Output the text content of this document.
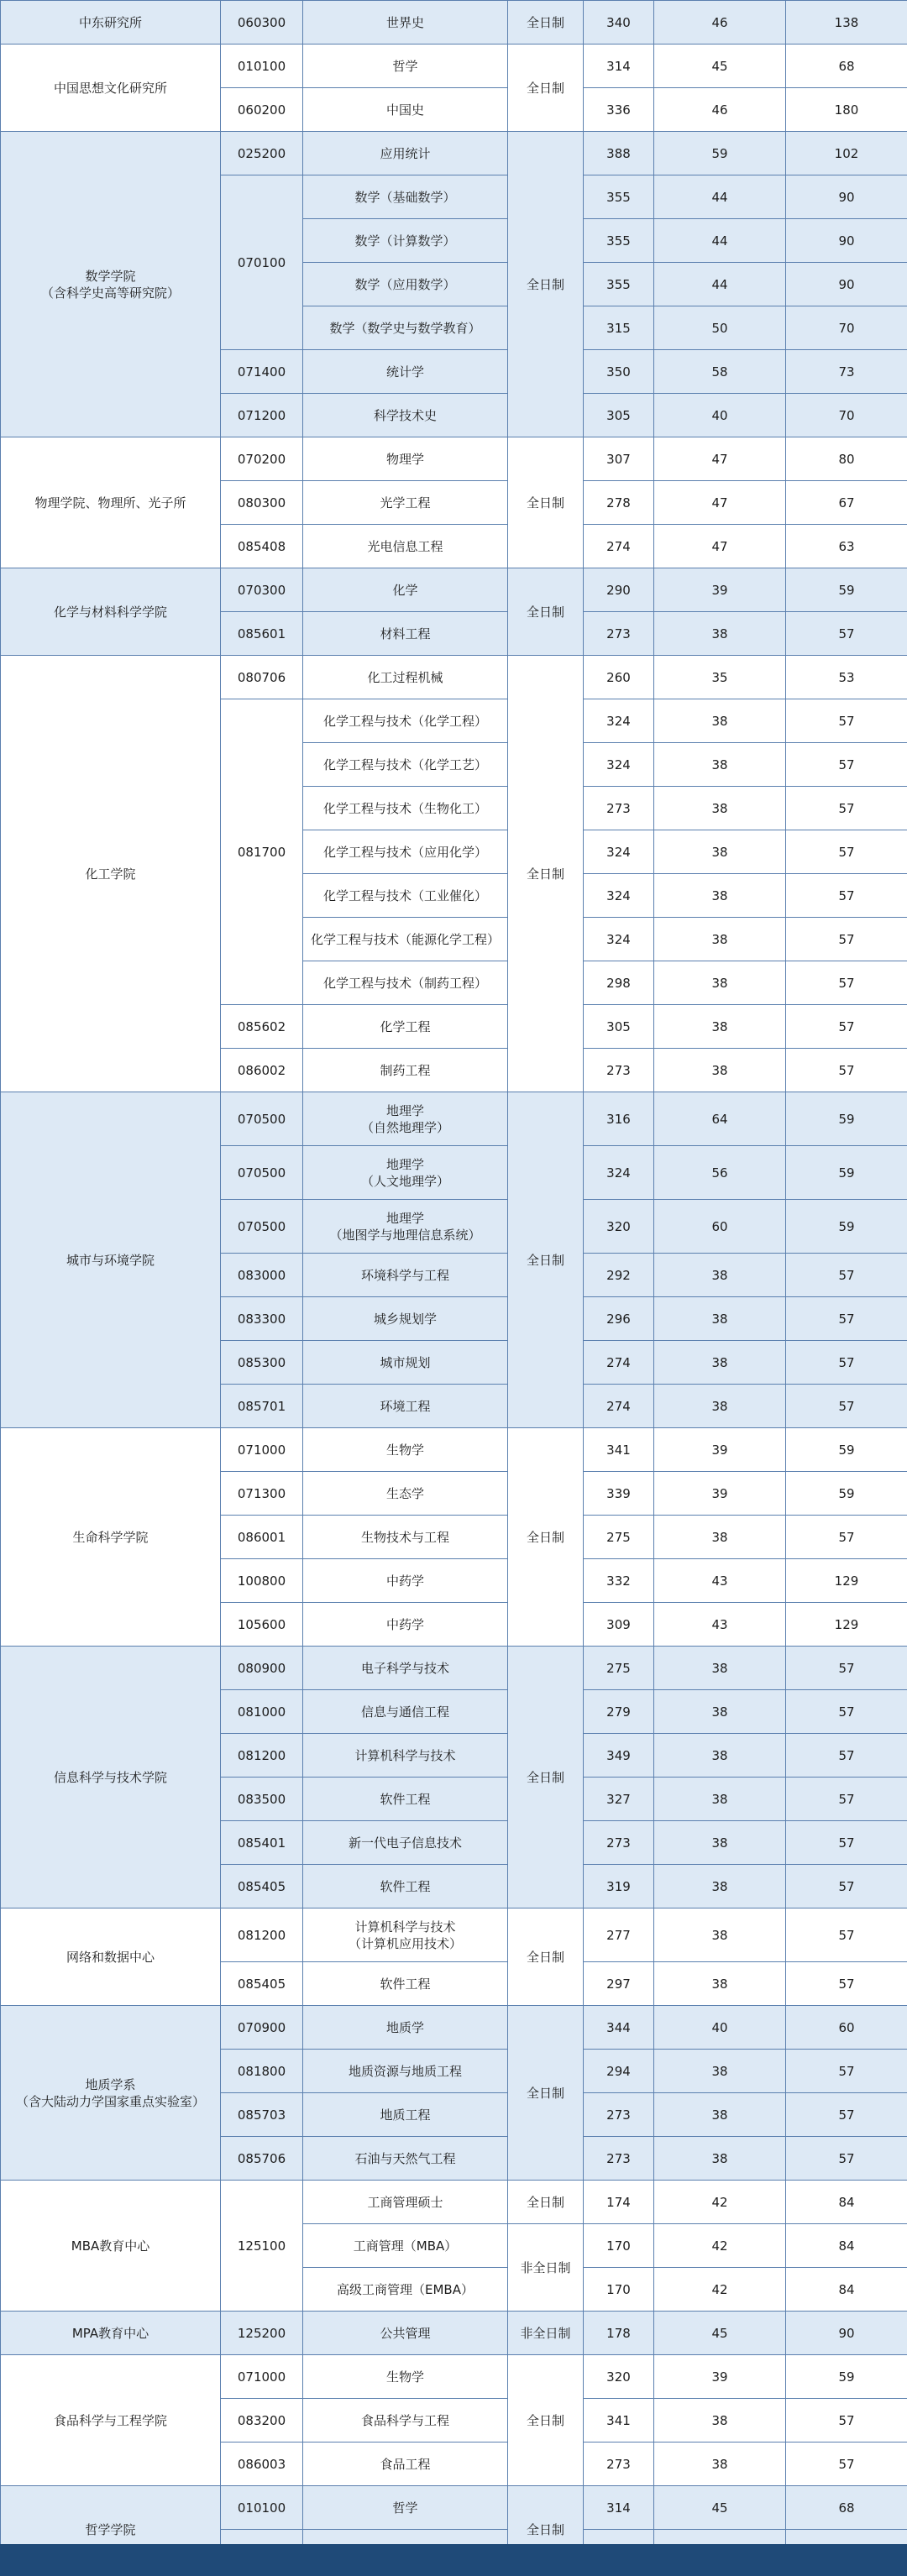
中东研究所	060300	世界史	全日制	340	46	138

中国思想文化研究所	010100	哲学	全日制	314	45	68
	060200	中国史		336	46	180

数学学院
（含科学史高等研究院）	025200	应用统计	全日制	388	59	102
	070100	数学（基础数学）		355	44	90

		数学（计算数学）		355	44	90

		数学（应用数学）		355	44	90

		数学（数学史与数学教育）		315	50	70
	071400	统计学		350	58	73
	071200	科学技术史		305	40	70

物理学院、物理所、光子所	070200	物理学	全日制	307	47	80
	080300	光学工程		278	47	67
	085408	光电信息工程		274	47	63

化学与材料科学学院	070300	化学	全日制	290	39	59
	085601	材料工程		273	38	57

化工学院	080706	化工过程机械	全日制	260	35	53
	081700	化学工程与技术（化学工程）		324	38	57

		化学工程与技术（化学工艺）		324	38	57

		化学工程与技术（生物化工）		273	38	57

		化学工程与技术（应用化学）		324	38	57

		化学工程与技术（工业催化）		324	38	57

		化学工程与技术（能源化学工程）		324	38	57

		化学工程与技术（制药工程）		298	38	57
	085602	化学工程		305	38	57
	086002	制药工程		273	38	57

城市与环境学院	070500	地理学
（自然地理学）	全日制	316	64	59
	070500	地理学
（人文地理学）		324	56	59
	070500	地理学
（地图学与地理信息系统）		320	60	59
	083000	环境科学与工程		292	38	57
	083300	城乡规划学		296	38	57
	085300	城市规划		274	38	57
	085701	环境工程		274	38	57

生命科学学院	071000	生物学	全日制	341	39	59
	071300	生态学		339	39	59
	086001	生物技术与工程		275	38	57
	100800	中药学		332	43	129
	105600	中药学		309	43	129

信息科学与技术学院	080900	电子科学与技术	全日制	275	38	57
	081000	信息与通信工程		279	38	57
	081200	计算机科学与技术		349	38	57
	083500	软件工程		327	38	57
	085401	新一代电子信息技术		273	38	57
	085405	软件工程		319	38	57

网络和数据中心	081200	计算机科学与技术
（计算机应用技术）	全日制	277	38	57
	085405	软件工程		297	38	57

地质学系
（含大陆动力学国家重点实验室）	070900	地质学	全日制	344	40	60
	081800	地质资源与地质工程		294	38	57
	085703	地质工程		273	38	57
	085706	石油与天然气工程		273	38	57

MBA教育中心	125100	工商管理硕士	全日制	174	42	84

		工商管理（MBA）	非全日制	170	42	84

		高级工商管理（EMBA）		170	42	84

MPA教育中心	125200	公共管理	非全日制	178	45	90

食品科学与工程学院	071000	生物学	全日制	320	39	59
	083200	食品科学与工程		341	38	57
	086003	食品工程		273	38	57

哲学学院	010100	哲学	全日制	314	45	68
